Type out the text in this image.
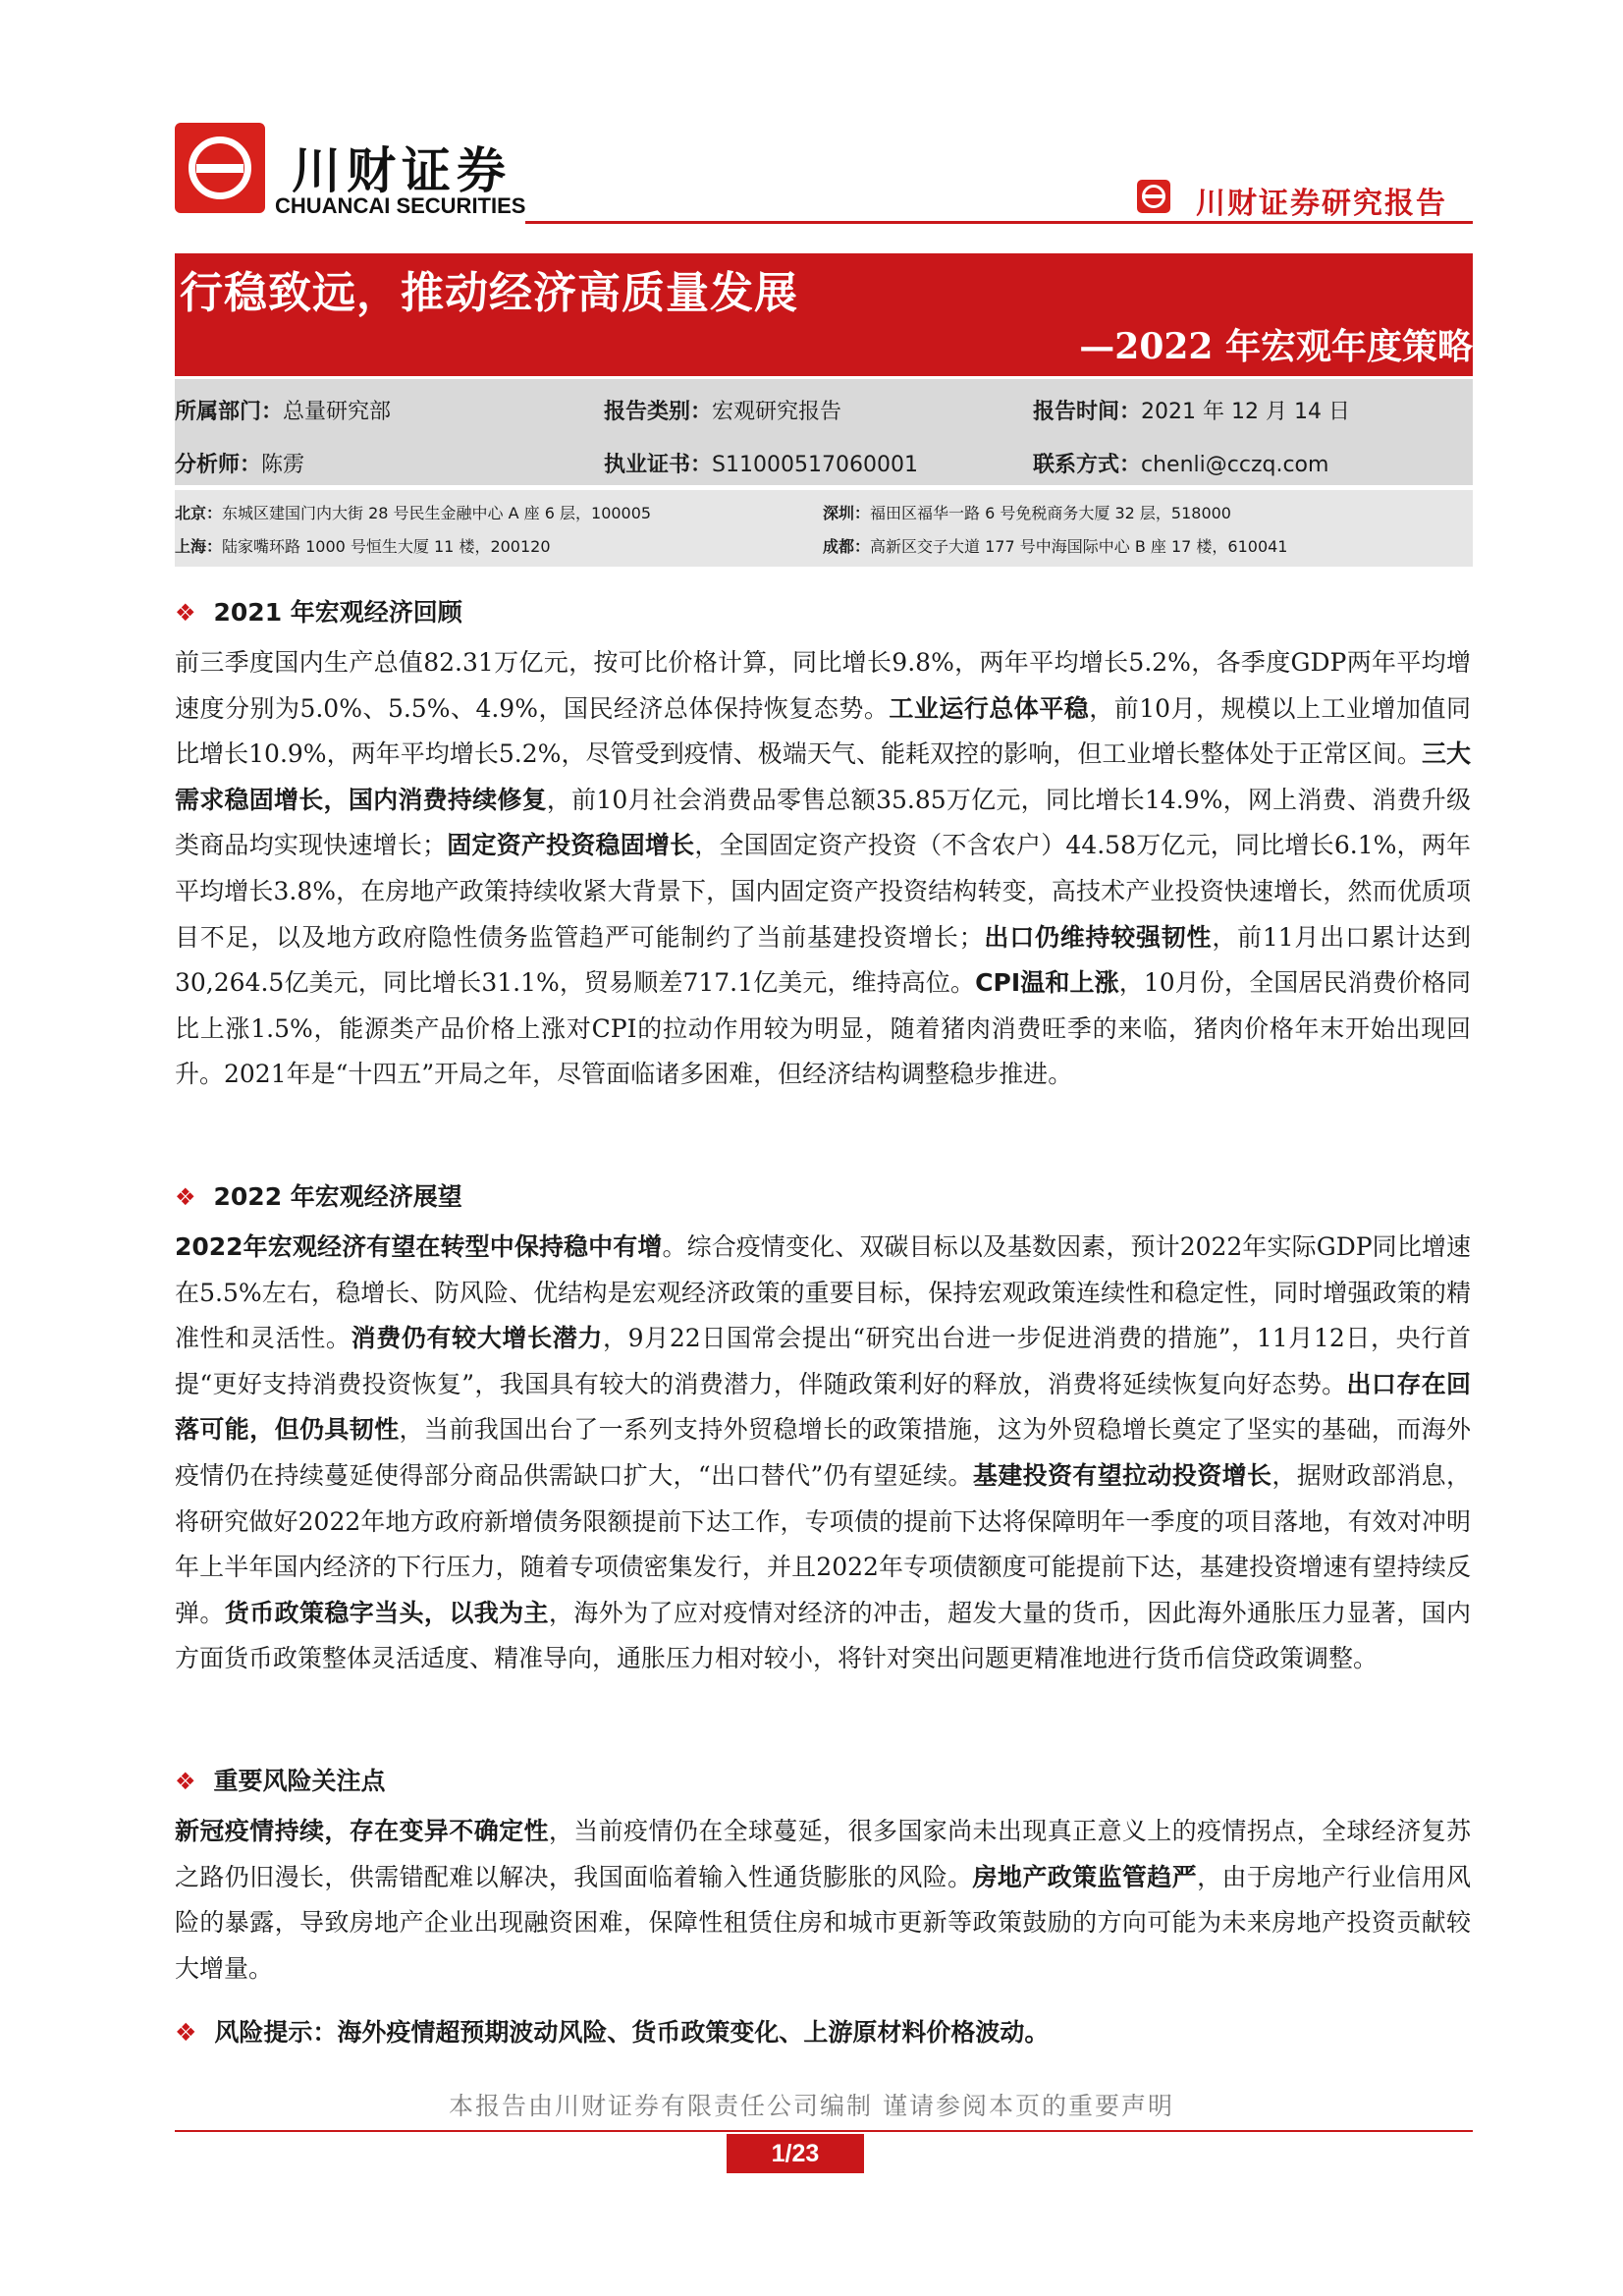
川财证券
CHUANCAI SECURITIES	川财证券研究报告
行稳致远，推动经济高质量发展
—2022 年宏观年度策略
所属部门：总量研究部	报告类别：宏观研究报告	报告时间：2021 年 12 月 14 日
分析师：陈雳	执业证书：S1100051706000​1	联系方式：chenli@cczq.com
北京：东城区建国门内大街 28 号民生金融中心 A 座 6 层，100005	深圳：福田区福华一路 6 号免税商务大厦 32 层，518000
上海：陆家嘴环路 1000 号恒生大厦 11 楼，200120	成都：高新区交子大道 177 号中海国际中心 B 座 17 楼，610041
❖ 2021 年宏观经济回顾
前三季度国内生产总值82.31万亿元，按可比价格计算，同比增长9.8%，两年平均增长5.2%，各季度GDP两年平均增速度分别为5.0%、5.5%、4.9%，国民经济总体保持恢复态势。工业运行总体平稳，前10月，规模以上工业增加值同比增长10.9%，两年平均增长5.2%，尽管受到疫情、极端天气、能耗双控的影响，但工业增长整体处于正常区间。三大需求稳固增长，国内消费持续修复，前10月社会消费品零售总额35.85万亿元，同比增长14.9%，网上消费、消费升级类商品均实现快速增长；固定资产投资稳固增长，全国固定资产投资（不含农户）44.58万亿元，同比增长6.1%，两年平均增长3.8%，在房地产政策持续收紧大背景下，国内固定资产投资结构转变，高技术产业投资快速增长，然而优质项目不足，以及地方政府隐性债务监管趋严可能制约了当前基建投资增长；出口仍维持较强韧性，前11月出口累计达到30,264.5亿美元，同比增长31.1%，贸易顺差717.1亿美元，维持高位。CPI温和上涨，10月份，全国居民消费价格同比上涨1.5%，能源类产品价格上涨对CPI的拉动作用较为明显，随着猪肉消费旺季的来临，猪肉价格年末开始出现回升。2021年是“十四五”开局之年，尽管面临诸多困难，但经济结构调整稳步推进。
❖ 2022 年宏观经济展望
2022年宏观经济有望在转型中保持稳中有增。综合疫情变化、双碳目标以及基数因素，预计2022年实际GDP同比增速在5.5%左右，稳增长、防风险、优结构是宏观经济政策的重要目标，保持宏观政策连续性和稳定性，同时增强政策的精准性和灵活性。消费仍有较大增长潜力，9月22日国常会提出“研究出台进一步促进消费的措施”，11月12日，央行首提“更好支持消费投资恢复”，我国具有较大的消费潜力，伴随政策利好的释放，消费将延续恢复向好态势。出口存在回落可能，但仍具韧性，当前我国出台了一系列支持外贸稳增长的政策措施，这为外贸稳增长奠定了坚实的基础，而海外疫情仍在持续蔓延使得部分商品供需缺口扩大，“出口替代”仍有望延续。基建投资有望拉动投资增长，据财政部消息，将研究做好2022年地方政府新增债务限额提前下达工作，专项债的提前下达将保障明年一季度的项目落地，有效对冲明年上半年国内经济的下行压力，随着专项债密集发行，并且2022年专项债额度可能提前下达，基建投资增速有望持续反弹。货币政策稳字当头，以我为主，海外为了应对疫情对经济的冲击，超发大量的货币，因此海外通胀压力显著，国内方面货币政策整体灵活适度、精准导向，通胀压力相对较小，将针对突出问题更精准地进行货币信贷政策调整。
❖ 重要风险关注点
新冠疫情持续，存在变异不确定性，当前疫情仍在全球蔓延，很多国家尚未出现真正意义上的疫情拐点，全球经济复苏之路仍旧漫长，供需错配难以解决，我国面临着输入性通货膨胀的风险。房地产政策监管趋严，由于房地产行业信用风险的暴露，导致房地产企业出现融资困难，保障性租赁住房和城市更新等政策鼓励的方向可能为未来房地产投资贡献较大增量。
❖ 风险提示：海外疫情超预期波动风险、货币政策变化、上游原材料价格波动。
本报告由川财证券有限责任公司编制 谨请参阅本页的重要声明
1/23
